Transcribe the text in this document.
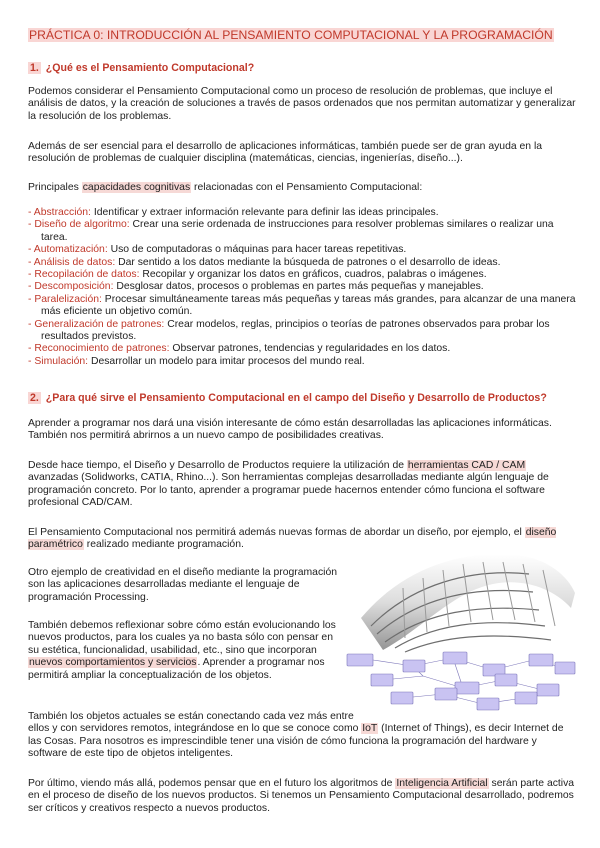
PRÁCTICA 0: INTRODUCCIÓN AL PENSAMIENTO COMPUTACIONAL Y LA PROGRAMACIÓN
1. ¿Qué es el Pensamiento Computacional?

Podemos considerar el Pensamiento Computacional como un proceso de resolución de problemas, que incluye el análisis de datos, y la creación de soluciones a través de pasos ordenados que nos permitan automatizar y generalizar la resolución de los problemas.

Además de ser esencial para el desarrollo de aplicaciones informáticas, también puede ser de gran ayuda en la resolución de problemas de cualquier disciplina (matemáticas, ciencias, ingenierías, diseño...).

Principales capacidades cognitivas relacionadas con el Pensamiento Computacional:

- Abstracción: Identificar y extraer información relevante para definir las ideas principales.
- Diseño de algoritmo: Crear una serie ordenada de instrucciones para resolver problemas similares o realizar una tarea.
- Automatización: Uso de computadoras o máquinas para hacer tareas repetitivas.
- Análisis de datos: Dar sentido a los datos mediante la búsqueda de patrones o el desarrollo de ideas.
- Recopilación de datos: Recopilar y organizar los datos en gráficos, cuadros, palabras o imágenes.
- Descomposición: Desglosar datos, procesos o problemas en partes más pequeñas y manejables.
- Paralelización: Procesar simultáneamente tareas más pequeñas y tareas más grandes, para alcanzar de una manera más eficiente un objetivo común.
- Generalización de patrones: Crear modelos, reglas, principios o teorías de patrones observados para probar los resultados previstos.
- Reconocimiento de patrones: Observar patrones, tendencias y regularidades en los datos.
- Simulación: Desarrollar un modelo para imitar procesos del mundo real.
2. ¿Para qué sirve el Pensamiento Computacional en el campo del Diseño y Desarrollo de Productos?

Aprender a programar nos dará una visión interesante de cómo están desarrolladas las aplicaciones informáticas. También nos permitirá abrirnos a un nuevo campo de posibilidades creativas.

Desde hace tiempo, el Diseño y Desarrollo de Productos requiere la utilización de herramientas CAD / CAM avanzadas (Solidworks, CATIA, Rhino...). Son herramientas complejas desarrolladas mediante algún lenguaje de programación concreto. Por lo tanto, aprender a programar puede hacernos entender cómo funciona el software profesional CAD/CAM.

El Pensamiento Computacional nos permitirá además nuevas formas de abordar un diseño, por ejemplo, el diseño paramétrico realizado mediante programación.

Otro ejemplo de creatividad en el diseño mediante la programación son las aplicaciones desarrolladas mediante el lenguaje de programación Processing.

También debemos reflexionar sobre cómo están evolucionando los nuevos productos, para los cuales ya no basta sólo con pensar en su estética, funcionalidad, usabilidad, etc., sino que incorporan nuevos comportamientos y servicios. Aprender a programar nos permitirá ampliar la conceptualización de los objetos.

También los objetos actuales se están conectando cada vez más entre
ellos y con servidores remotos, integrándose en lo que se conoce como IoT (Internet of Things), es decir Internet de las Cosas. Para nosotros es imprescindible tener una visión de cómo funciona la programación del hardware y software de este tipo de objetos inteligentes.

Por último, viendo más allá, podemos pensar que en el futuro los algoritmos de Inteligencia Artificial serán parte activa en el proceso de diseño de los nuevos productos. Si tenemos un Pensamiento Computacional desarrollado, podremos ser críticos y creativos respecto a nuevos productos.
